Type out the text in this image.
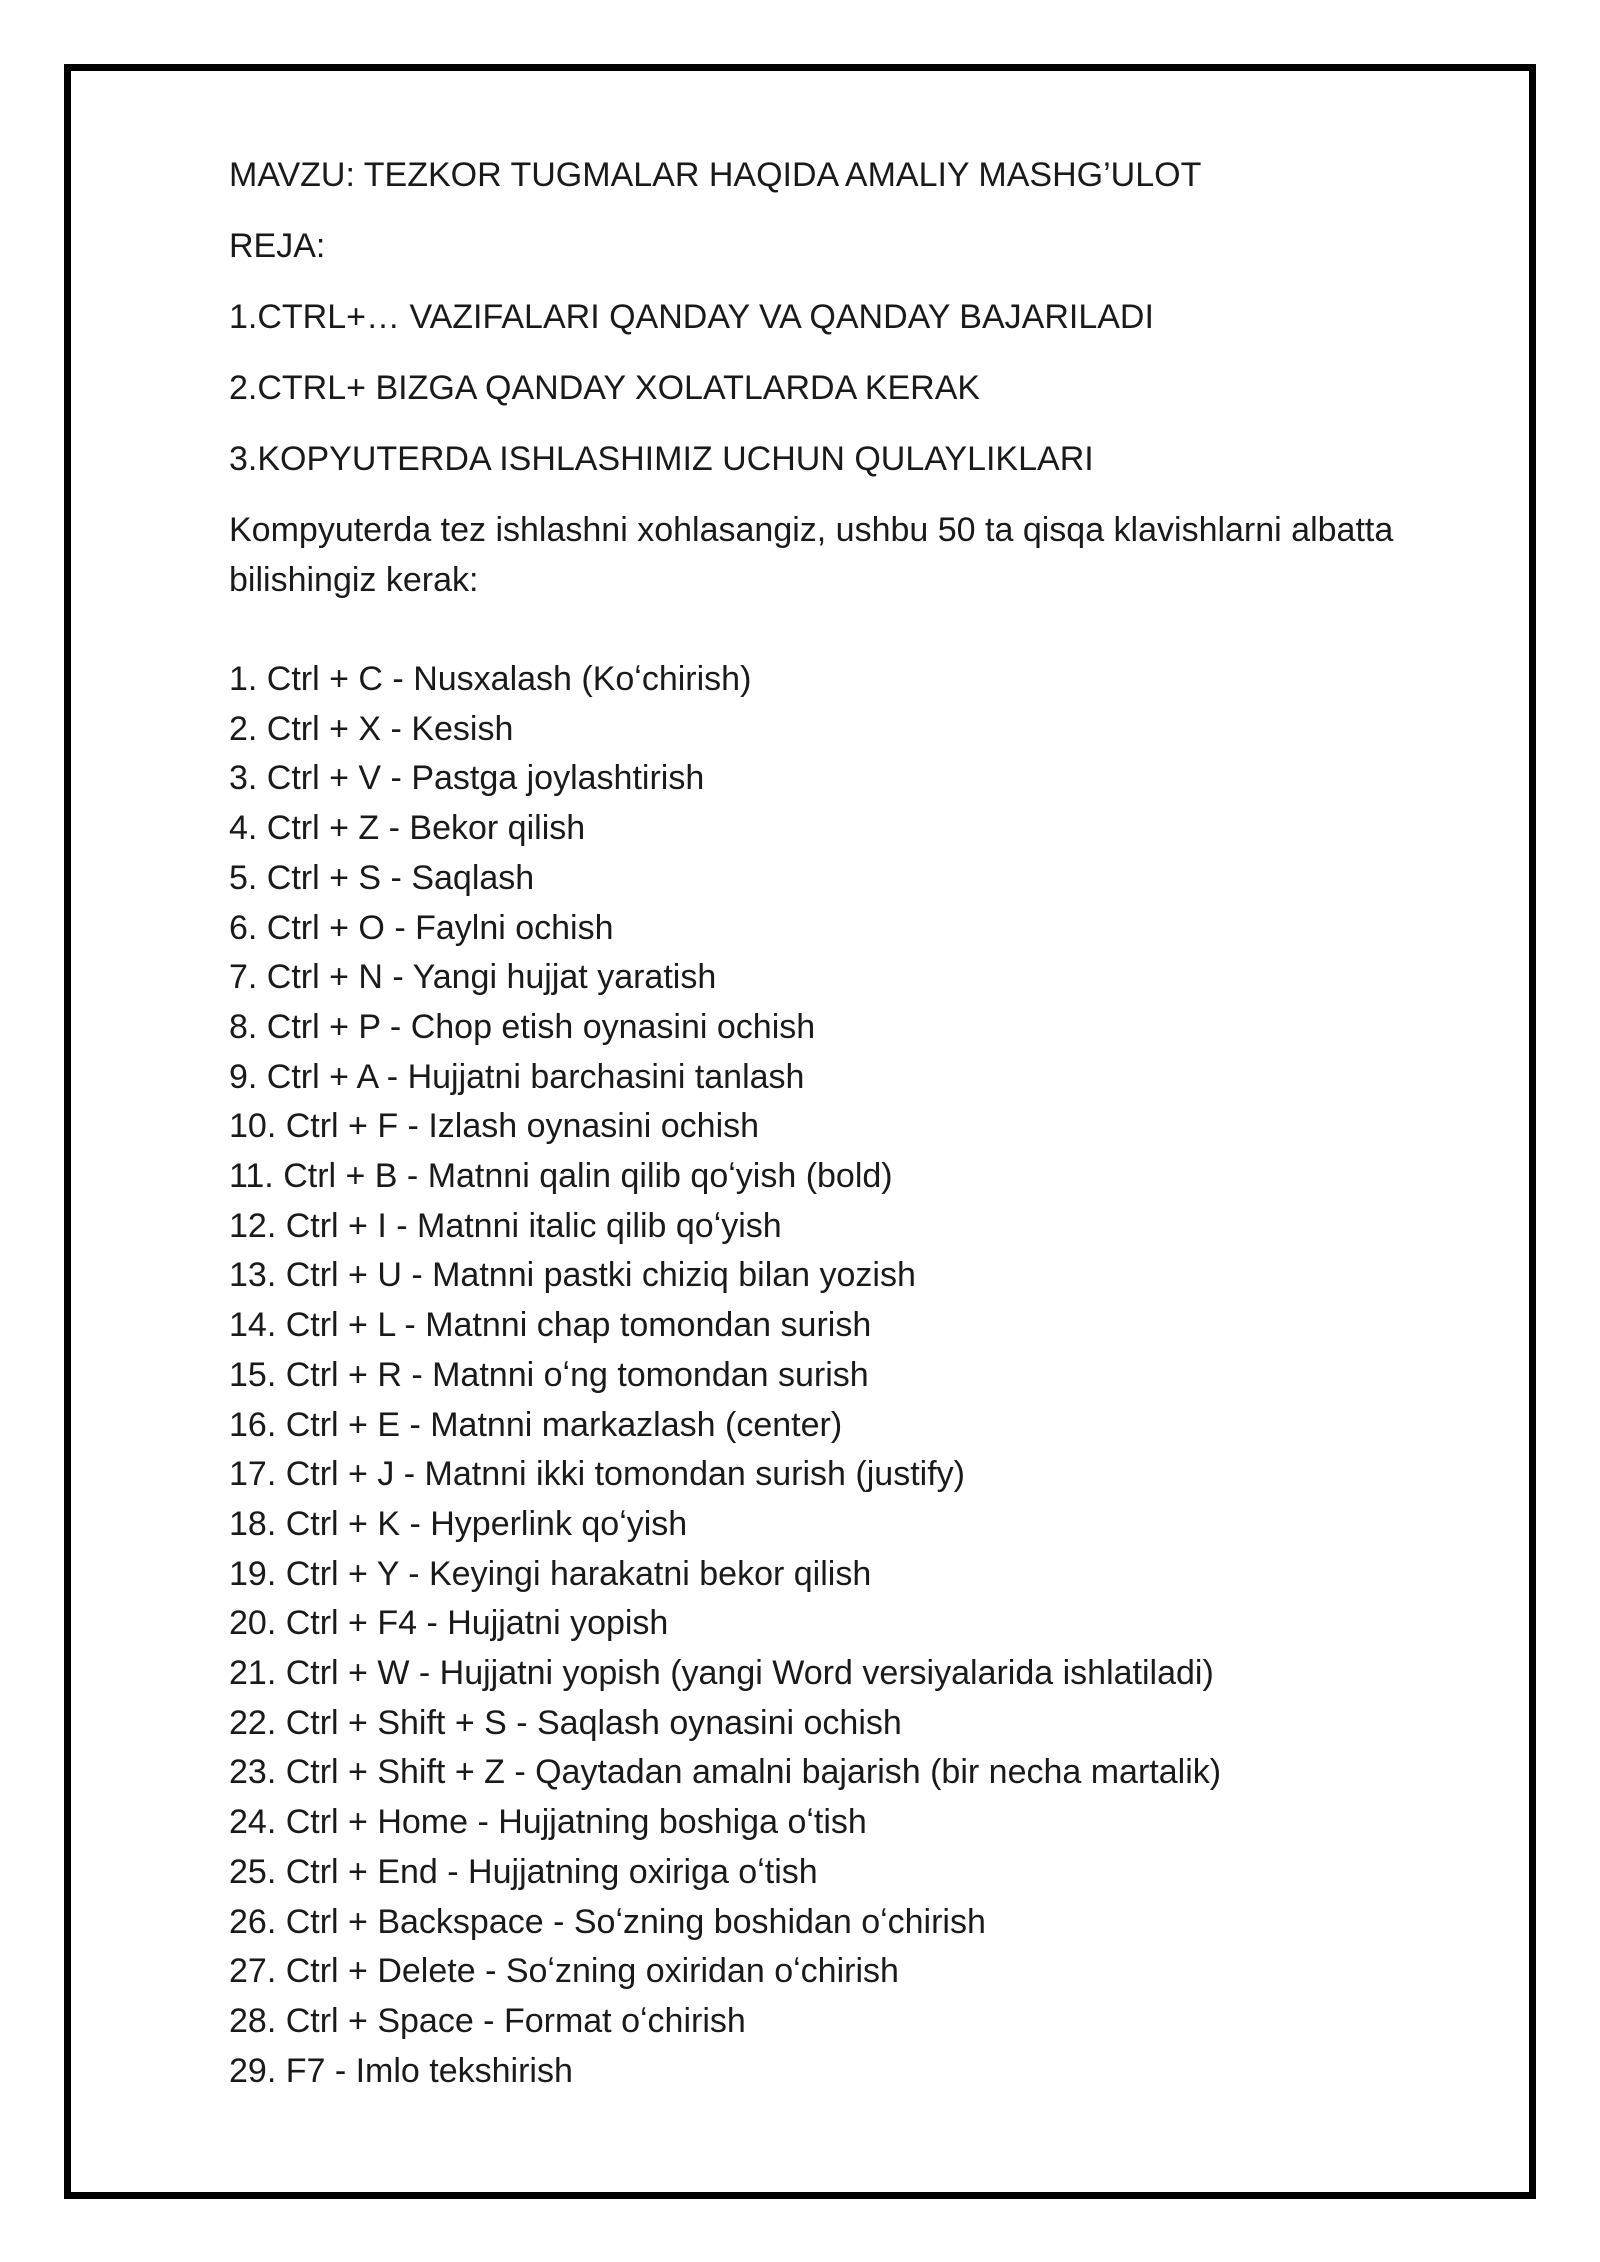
MAVZU: TEZKOR TUGMALAR HAQIDA AMALIY MASHG’ULOT

REJA:

1.CTRL+… VAZIFALARI QANDAY VA QANDAY BAJARILADI

2.CTRL+ BIZGA QANDAY XOLATLARDA KERAK

3.KOPYUTERDA ISHLASHIMIZ UCHUN QULAYLIKLARI

Kompyuterda tez ishlashni xohlasangiz, ushbu 50 ta qisqa klavishlarni albatta bilishingiz kerak:

1. Ctrl + C - Nusxalash (Koʻchirish)
2. Ctrl + X - Kesish
3. Ctrl + V - Pastga joylashtirish
4. Ctrl + Z - Bekor qilish
5. Ctrl + S - Saqlash
6. Ctrl + O - Faylni ochish
7. Ctrl + N - Yangi hujjat yaratish
8. Ctrl + P - Chop etish oynasini ochish
9. Ctrl + A - Hujjatni barchasini tanlash
10. Ctrl + F - Izlash oynasini ochish
11. Ctrl + B - Matnni qalin qilib qoʻyish (bold)
12. Ctrl + I - Matnni italic qilib qoʻyish
13. Ctrl + U - Matnni pastki chiziq bilan yozish
14. Ctrl + L - Matnni chap tomondan surish
15. Ctrl + R - Matnni oʻng tomondan surish
16. Ctrl + E - Matnni markazlash (center)
17. Ctrl + J - Matnni ikki tomondan surish (justify)
18. Ctrl + K - Hyperlink qoʻyish
19. Ctrl + Y - Keyingi harakatni bekor qilish
20. Ctrl + F4 - Hujjatni yopish
21. Ctrl + W - Hujjatni yopish (yangi Word versiyalarida ishlatiladi)
22. Ctrl + Shift + S - Saqlash oynasini ochish
23. Ctrl + Shift + Z - Qaytadan amalni bajarish (bir necha martalik)
24. Ctrl + Home - Hujjatning boshiga oʻtish
25. Ctrl + End - Hujjatning oxiriga oʻtish
26. Ctrl + Backspace - Soʻzning boshidan oʻchirish
27. Ctrl + Delete - Soʻzning oxiridan oʻchirish
28. Ctrl + Space - Format oʻchirish
29. F7 - Imlo tekshirish
